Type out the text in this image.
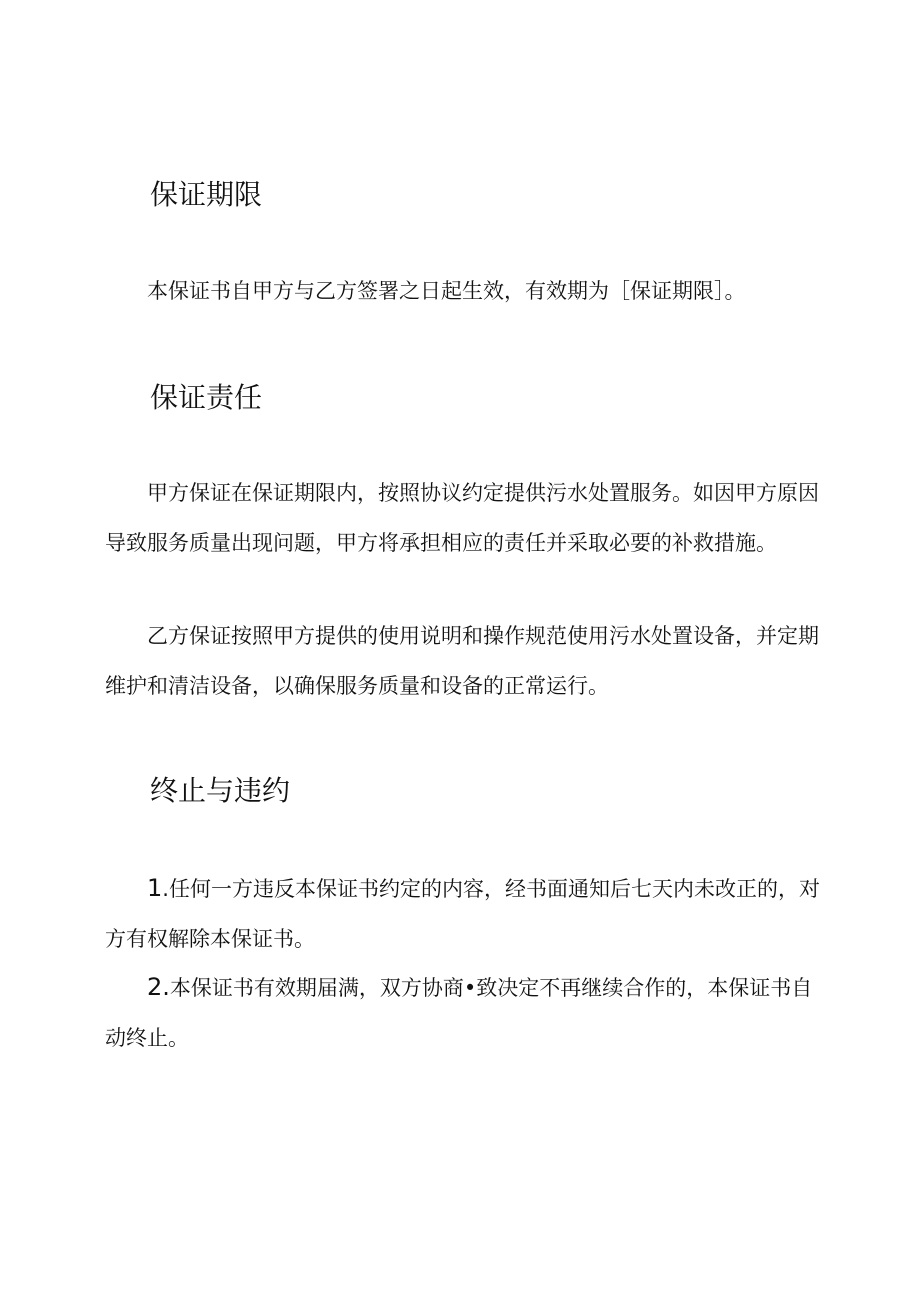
保证期限

本保证书自甲方与乙方签署之日起生效，有效期为［保证期限］。

保证责任

甲方保证在保证期限内，按照协议约定提供污水处置服务。如因甲方原因导致服务质量出现问题，甲方将承担相应的责任并采取必要的补救措施。

乙方保证按照甲方提供的使用说明和操作规范使用污水处置设备，并定期维护和清洁设备，以确保服务质量和设备的正常运行。

终止与违约

1.任何一方违反本保证书约定的内容，经书面通知后七天内未改正的，对方有权解除本保证书。

2.本保证书有效期届满，双方协商•致决定不再继续合作的，本保证书自动终止。
